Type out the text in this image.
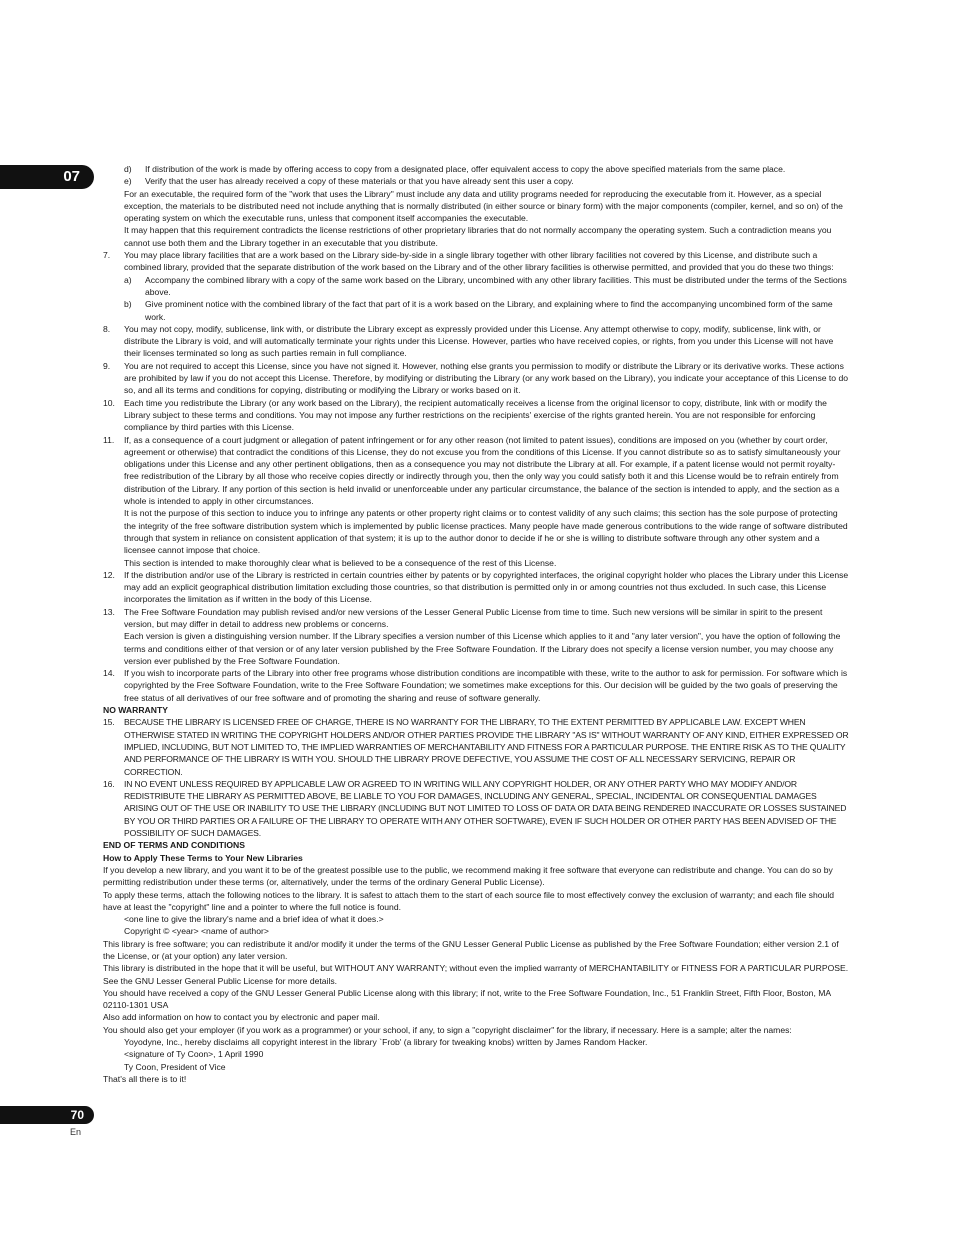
07
70
En

d) If distribution of the work is made by offering access to copy from a designated place, offer equivalent access to copy the above specified materials from the same place.

e) Verify that the user has already received a copy of these materials or that you have already sent this user a copy.

For an executable, the required form of the "work that uses the Library" must include any data and utility programs needed for reproducing the executable from it. However, as a special exception, the materials to be distributed need not include anything that is normally distributed (in either source or binary form) with the major components (compiler, kernel, and so on) of the operating system on which the executable runs, unless that component itself accompanies the executable.

It may happen that this requirement contradicts the license restrictions of other proprietary libraries that do not normally accompany the operating system. Such a contradiction means you cannot use both them and the Library together in an executable that you distribute.

7. You may place library facilities that are a work based on the Library side-by-side in a single library together with other library facilities not covered by this License, and distribute such a combined library, provided that the separate distribution of the work based on the Library and of the other library facilities is otherwise permitted, and provided that you do these two things:

a) Accompany the combined library with a copy of the same work based on the Library, uncombined with any other library facilities. This must be distributed under the terms of the Sections above.

b) Give prominent notice with the combined library of the fact that part of it is a work based on the Library, and explaining where to find the accompanying uncombined form of the same work.

8. You may not copy, modify, sublicense, link with, or distribute the Library except as expressly provided under this License. Any attempt otherwise to copy, modify, sublicense, link with, or distribute the Library is void, and will automatically terminate your rights under this License. However, parties who have received copies, or rights, from you under this License will not have their licenses terminated so long as such parties remain in full compliance.

9. You are not required to accept this License, since you have not signed it. However, nothing else grants you permission to modify or distribute the Library or its derivative works. These actions are prohibited by law if you do not accept this License. Therefore, by modifying or distributing the Library (or any work based on the Library), you indicate your acceptance of this License to do so, and all its terms and conditions for copying, distributing or modifying the Library or works based on it.

10. Each time you redistribute the Library (or any work based on the Library), the recipient automatically receives a license from the original licensor to copy, distribute, link with or modify the Library subject to these terms and conditions. You may not impose any further restrictions on the recipients' exercise of the rights granted herein. You are not responsible for enforcing compliance by third parties with this License.

11. If, as a consequence of a court judgment or allegation of patent infringement or for any other reason (not limited to patent issues), conditions are imposed on you (whether by court order, agreement or otherwise) that contradict the conditions of this License, they do not excuse you from the conditions of this License. If you cannot distribute so as to satisfy simultaneously your obligations under this License and any other pertinent obligations, then as a consequence you may not distribute the Library at all. For example, if a patent license would not permit royalty-free redistribution of the Library by all those who receive copies directly or indirectly through you, then the only way you could satisfy both it and this License would be to refrain entirely from distribution of the Library. If any portion of this section is held invalid or unenforceable under any particular circumstance, the balance of the section is intended to apply, and the section as a whole is intended to apply in other circumstances.

It is not the purpose of this section to induce you to infringe any patents or other property right claims or to contest validity of any such claims; this section has the sole purpose of protecting the integrity of the free software distribution system which is implemented by public license practices. Many people have made generous contributions to the wide range of software distributed through that system in reliance on consistent application of that system; it is up to the author donor to decide if he or she is willing to distribute software through any other system and a licensee cannot impose that choice.

This section is intended to make thoroughly clear what is believed to be a consequence of the rest of this License.

12. If the distribution and/or use of the Library is restricted in certain countries either by patents or by copyrighted interfaces, the original copyright holder who places the Library under this License may add an explicit geographical distribution limitation excluding those countries, so that distribution is permitted only in or among countries not thus excluded. In such case, this License incorporates the limitation as if written in the body of this License.

13. The Free Software Foundation may publish revised and/or new versions of the Lesser General Public License from time to time. Such new versions will be similar in spirit to the present version, but may differ in detail to address new problems or concerns.

Each version is given a distinguishing version number. If the Library specifies a version number of this License which applies to it and "any later version", you have the option of following the terms and conditions either of that version or of any later version published by the Free Software Foundation. If the Library does not specify a license version number, you may choose any version ever published by the Free Software Foundation.

14. If you wish to incorporate parts of the Library into other free programs whose distribution conditions are incompatible with these, write to the author to ask for permission. For software which is copyrighted by the Free Software Foundation, write to the Free Software Foundation; we sometimes make exceptions for this. Our decision will be guided by the two goals of preserving the free status of all derivatives of our free software and of promoting the sharing and reuse of software generally.

NO WARRANTY

15. BECAUSE THE LIBRARY IS LICENSED FREE OF CHARGE, THERE IS NO WARRANTY FOR THE LIBRARY, TO THE EXTENT PERMITTED BY APPLICABLE LAW. EXCEPT WHEN OTHERWISE STATED IN WRITING THE COPYRIGHT HOLDERS AND/OR OTHER PARTIES PROVIDE THE LIBRARY "AS IS" WITHOUT WARRANTY OF ANY KIND, EITHER EXPRESSED OR IMPLIED, INCLUDING, BUT NOT LIMITED TO, THE IMPLIED WARRANTIES OF MERCHANTABILITY AND FITNESS FOR A PARTICULAR PURPOSE. THE ENTIRE RISK AS TO THE QUALITY AND PERFORMANCE OF THE LIBRARY IS WITH YOU. SHOULD THE LIBRARY PROVE DEFECTIVE, YOU ASSUME THE COST OF ALL NECESSARY SERVICING, REPAIR OR CORRECTION.

16. IN NO EVENT UNLESS REQUIRED BY APPLICABLE LAW OR AGREED TO IN WRITING WILL ANY COPYRIGHT HOLDER, OR ANY OTHER PARTY WHO MAY MODIFY AND/OR REDISTRIBUTE THE LIBRARY AS PERMITTED ABOVE, BE LIABLE TO YOU FOR DAMAGES, INCLUDING ANY GENERAL, SPECIAL, INCIDENTAL OR CONSEQUENTIAL DAMAGES ARISING OUT OF THE USE OR INABILITY TO USE THE LIBRARY (INCLUDING BUT NOT LIMITED TO LOSS OF DATA OR DATA BEING RENDERED INACCURATE OR LOSSES SUSTAINED BY YOU OR THIRD PARTIES OR A FAILURE OF THE LIBRARY TO OPERATE WITH ANY OTHER SOFTWARE), EVEN IF SUCH HOLDER OR OTHER PARTY HAS BEEN ADVISED OF THE POSSIBILITY OF SUCH DAMAGES.

END OF TERMS AND CONDITIONS

How to Apply These Terms to Your New Libraries

If you develop a new library, and you want it to be of the greatest possible use to the public, we recommend making it free software that everyone can redistribute and change. You can do so by permitting redistribution under these terms (or, alternatively, under the terms of the ordinary General Public License).

To apply these terms, attach the following notices to the library. It is safest to attach them to the start of each source file to most effectively convey the exclusion of warranty; and each file should have at least the "copyright" line and a pointer to where the full notice is found.

<one line to give the library's name and a brief idea of what it does.>

Copyright © <year> <name of author>

This library is free software; you can redistribute it and/or modify it under the terms of the GNU Lesser General Public License as published by the Free Software Foundation; either version 2.1 of the License, or (at your option) any later version.

This library is distributed in the hope that it will be useful, but WITHOUT ANY WARRANTY; without even the implied warranty of MERCHANTABILITY or FITNESS FOR A PARTICULAR PURPOSE. See the GNU Lesser General Public License for more details.

You should have received a copy of the GNU Lesser General Public License along with this library; if not, write to the Free Software Foundation, Inc., 51 Franklin Street, Fifth Floor, Boston, MA 02110-1301 USA

Also add information on how to contact you by electronic and paper mail.

You should also get your employer (if you work as a programmer) or your school, if any, to sign a "copyright disclaimer" for the library, if necessary. Here is a sample; alter the names:

Yoyodyne, Inc., hereby disclaims all copyright interest in the library `Frob' (a library for tweaking knobs) written by James Random Hacker.

<signature of Ty Coon>, 1 April 1990

Ty Coon, President of Vice

That's all there is to it!
